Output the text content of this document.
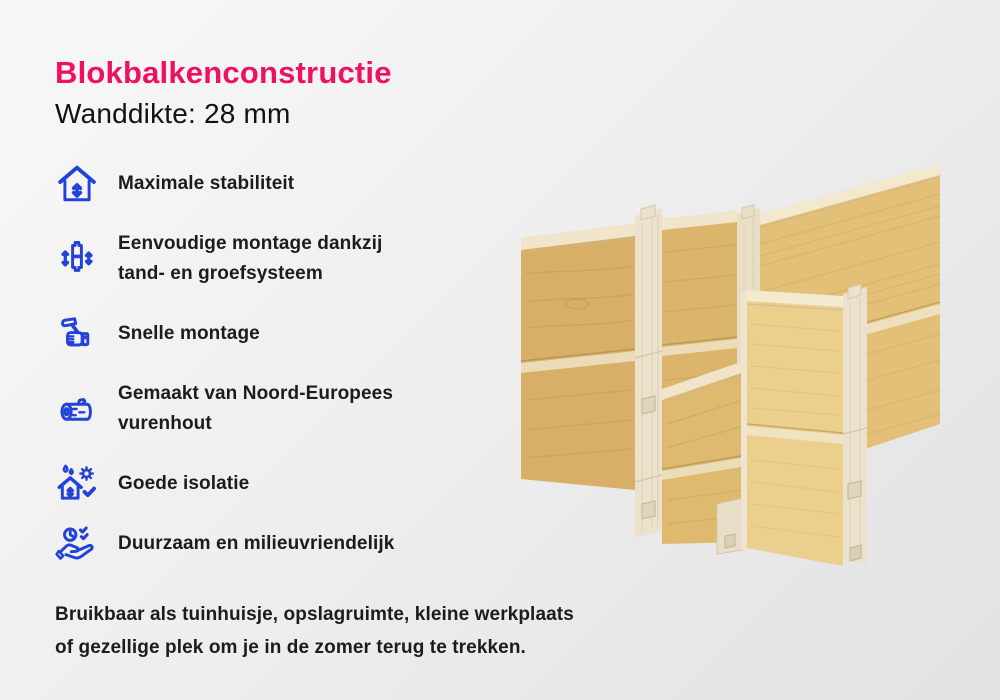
Blokbalkenconstructie
Wanddikte: 28 mm
Maximale stabiliteit
Eenvoudige montage dankzij tand- en groefsysteem
Snelle montage
Gemaakt van Noord-Europees vurenhout
Goede isolatie
Duurzaam en milieuvriendelijk

Bruikbaar als tuinhuisje, opslagruimte, kleine werkplaats
of gezellige plek om je in de zomer terug te trekken.
